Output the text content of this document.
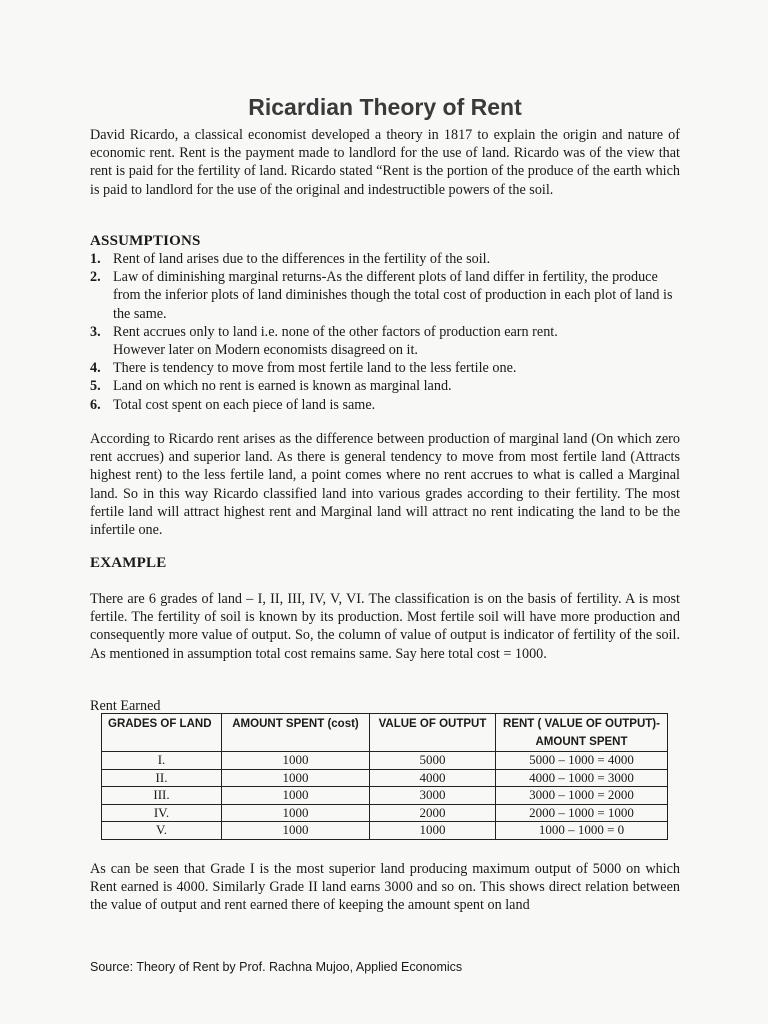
Ricardian Theory of Rent

David Ricardo, a classical economist developed a theory in 1817 to explain the origin and nature of economic rent. Rent is the payment made to landlord for the use of land. Ricardo was of the view that rent is paid for the fertility of land. Ricardo stated “Rent is the portion of the produce of the earth which is paid to landlord for the use of the original and indestructible powers of the soil.

ASSUMPTIONS
1. Rent of land arises due to the differences in the fertility of the soil.
2. Law of diminishing marginal returns-As the different plots of land differ in fertility, the produce from the inferior plots of land diminishes though the total cost of production in each plot of land is the same.
3. Rent accrues only to land i.e. none of the other factors of production earn rent.
However later on Modern economists disagreed on it.
4. There is tendency to move from most fertile land to the less fertile one.
5. Land on which no rent is earned is known as marginal land.
6. Total cost spent on each piece of land is same.

According to Ricardo rent arises as the difference between production of marginal land (On which zero rent accrues) and superior land. As there is general tendency to move from most fertile land (Attracts highest rent) to the less fertile land, a point comes where no rent accrues to what is called a Marginal land. So in this way Ricardo classified land into various grades according to their fertility. The most fertile land will attract highest rent and Marginal land will attract no rent indicating the land to be the infertile one.

EXAMPLE

There are 6 grades of land – I, II, III, IV, V, VI. The classification is on the basis of fertility. A is most fertile. The fertility of soil is known by its production. Most fertile soil will have more production and consequently more value of output. So, the column of value of output is indicator of fertility of the soil. As mentioned in assumption total cost remains same. Say here total cost = 1000.

Rent Earned

GRADES OF LAND	AMOUNT SPENT (cost)	VALUE OF OUTPUT	RENT ( VALUE OF OUTPUT)- AMOUNT SPENT
I.	1000	5000	5000 – 1000 = 4000
II.	1000	4000	4000 – 1000 = 3000
III.	1000	3000	3000 – 1000 = 2000
IV.	1000	2000	2000 – 1000 = 1000
V.	1000	1000	1000 – 1000 = 0

As can be seen that Grade I is the most superior land producing maximum output of 5000 on which Rent earned is 4000. Similarly Grade II land earns 3000 and so on. This shows direct relation between the value of output and rent earned there of keeping the amount spent on land

Source: Theory of Rent by Prof. Rachna Mujoo, Applied Economics
